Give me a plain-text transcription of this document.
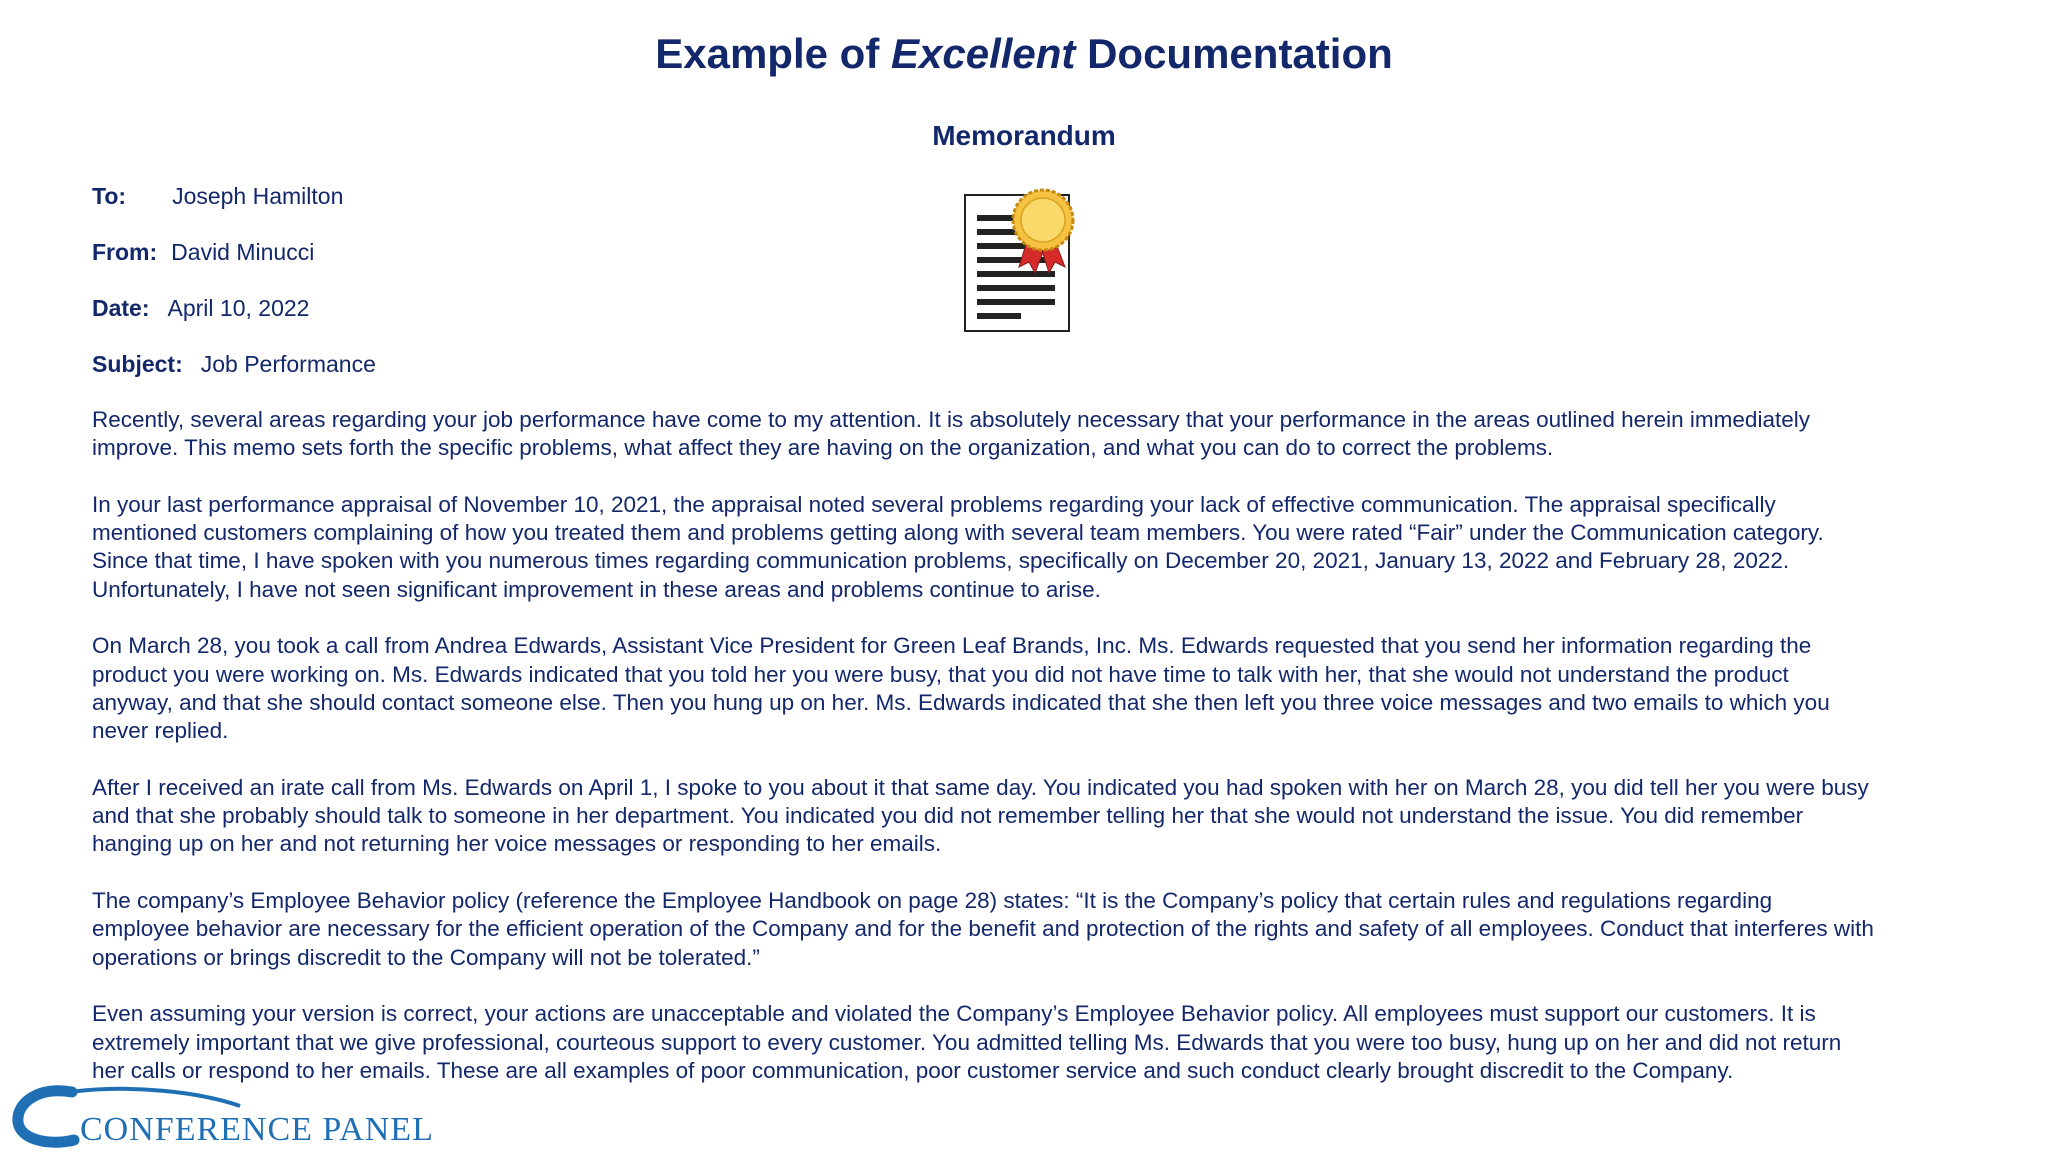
Example of Excellent Documentation
Memorandum
To: Joseph Hamilton
From: David Minucci
Date: April 10, 2022
Subject: Job Performance

Recently, several areas regarding your job performance have come to my attention. It is absolutely necessary that your performance in the areas outlined herein immediately
improve. This memo sets forth the specific problems, what affect they are having on the organization, and what you can do to correct the problems.

In your last performance appraisal of November 10, 2021, the appraisal noted several problems regarding your lack of effective communication. The appraisal specifically
mentioned customers complaining of how you treated them and problems getting along with several team members. You were rated “Fair” under the Communication category.
Since that time, I have spoken with you numerous times regarding communication problems, specifically on December 20, 2021, January 13, 2022 and February 28, 2022.
Unfortunately, I have not seen significant improvement in these areas and problems continue to arise.

On March 28, you took a call from Andrea Edwards, Assistant Vice President for Green Leaf Brands, Inc. Ms. Edwards requested that you send her information regarding the
product you were working on. Ms. Edwards indicated that you told her you were busy, that you did not have time to talk with her, that she would not understand the product
anyway, and that she should contact someone else. Then you hung up on her. Ms. Edwards indicated that she then left you three voice messages and two emails to which you
never replied.

After I received an irate call from Ms. Edwards on April 1, I spoke to you about it that same day. You indicated you had spoken with her on March 28, you did tell her you were busy
and that she probably should talk to someone in her department. You indicated you did not remember telling her that she would not understand the issue. You did remember
hanging up on her and not returning her voice messages or responding to her emails.

The company’s Employee Behavior policy (reference the Employee Handbook on page 28) states: “It is the Company’s policy that certain rules and regulations regarding
employee behavior are necessary for the efficient operation of the Company and for the benefit and protection of the rights and safety of all employees. Conduct that interferes with
operations or brings discredit to the Company will not be tolerated.”

Even assuming your version is correct, your actions are unacceptable and violated the Company’s Employee Behavior policy. All employees must support our customers. It is
extremely important that we give professional, courteous support to every customer. You admitted telling Ms. Edwards that you were too busy, hung up on her and did not return
her calls or respond to her emails. These are all examples of poor communication, poor customer service and such conduct clearly brought discredit to the Company.

CONFERENCE PANEL
